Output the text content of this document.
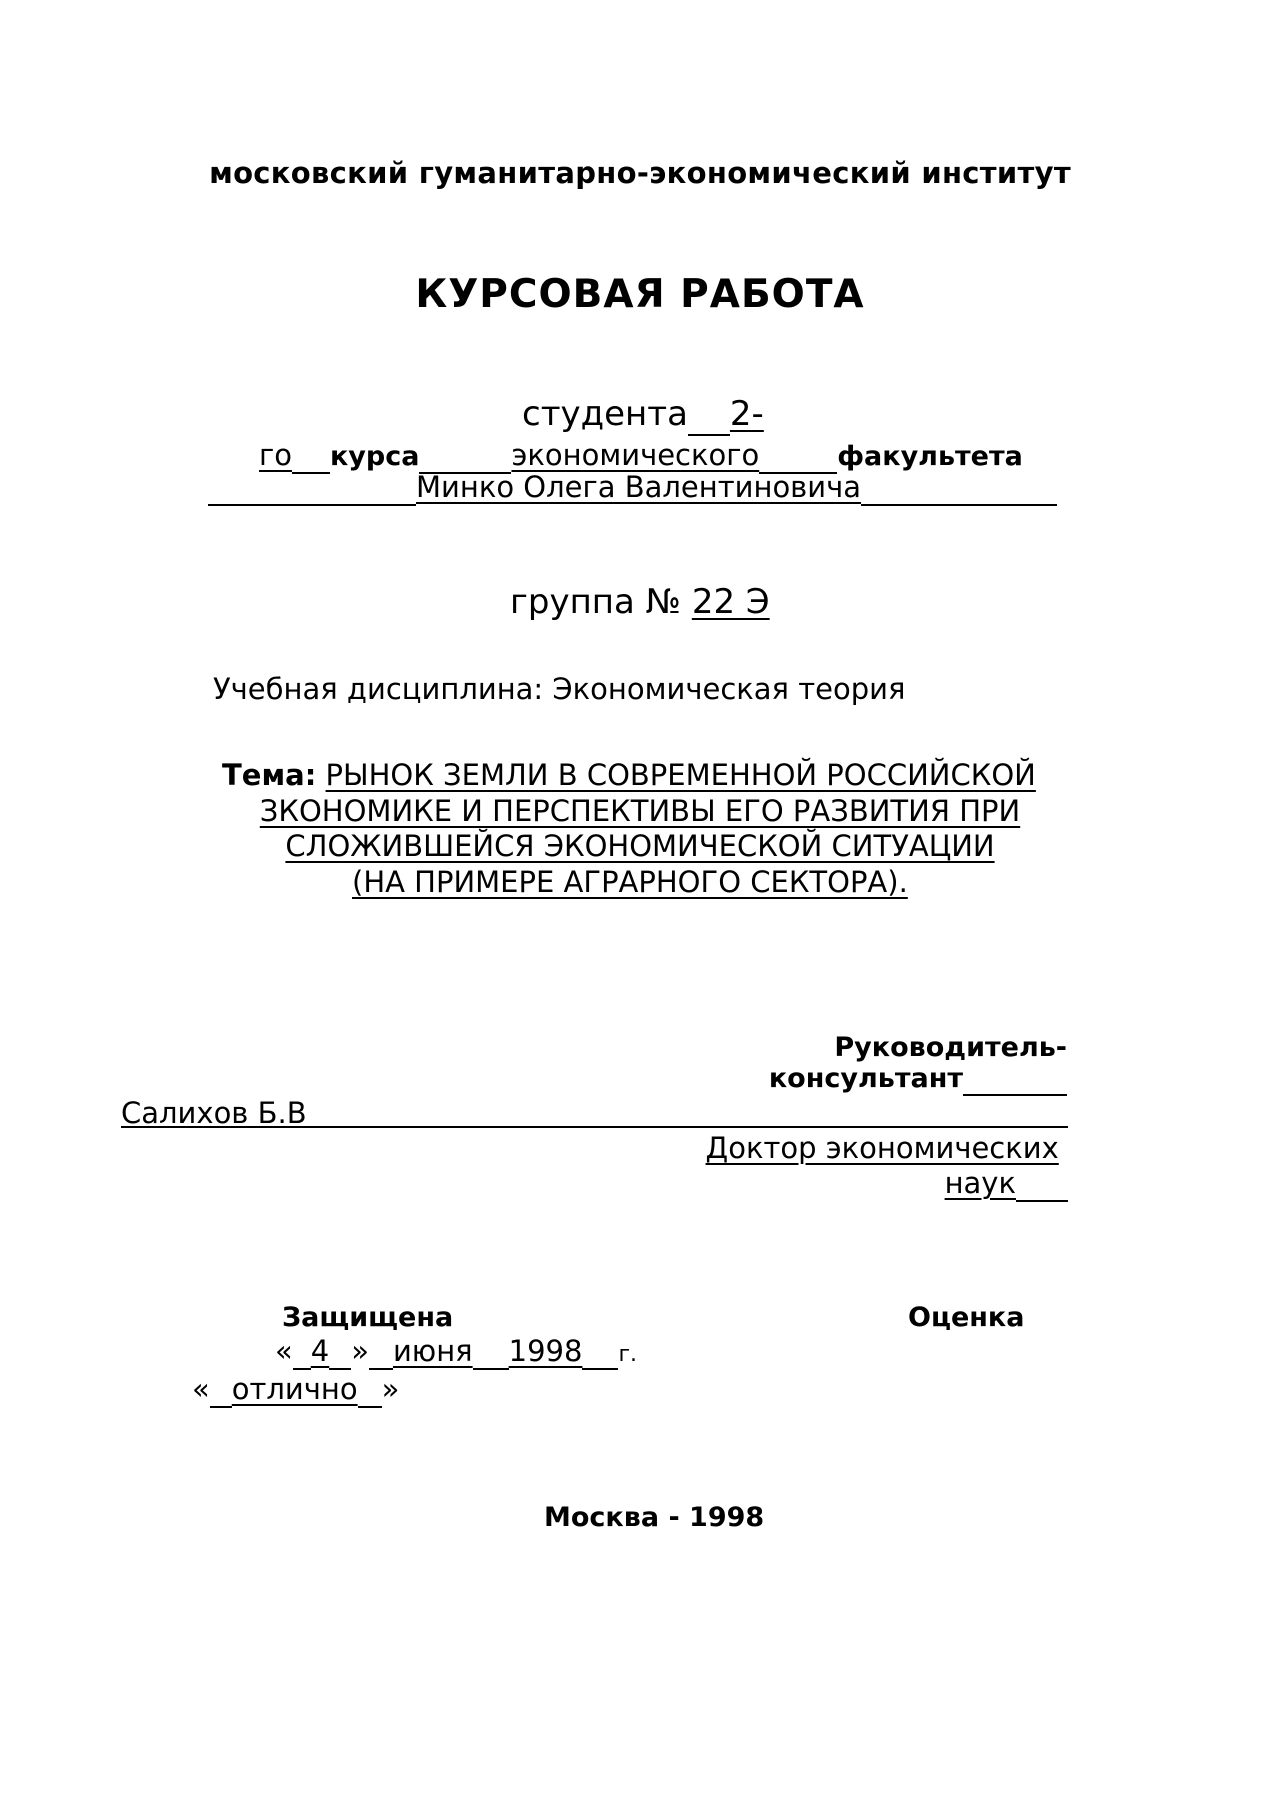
московский гуманитарно-экономический институт
КУРСОВАЯ РАБОТА
студента 2-
го курса	экономического	факультета
Минко Олега Валентиновича
группа № 22 Э
Учебная дисциплина: Экономическая теория
Тема: РЫНОК ЗЕМЛИ В СОВРЕМЕННОЙ РОССИЙСКОЙ
ЗКОНОМИКЕ И ПЕРСПЕКТИВЫ ЕГО РАЗВИТИЯ ПРИ
СЛОЖИВШЕЙСЯ ЭКОНОМИЧЕСКОЙ СИТУАЦИИ
(НА ПРИМЕРЕ АГРАРНОГО СЕКТОРА).
Руководитель-
консультант
Салихов Б.В
Доктор экономических
наук
Защищена	Оценка
« 4 » июня 1998 г.
« отлично »
Москва - 1998
